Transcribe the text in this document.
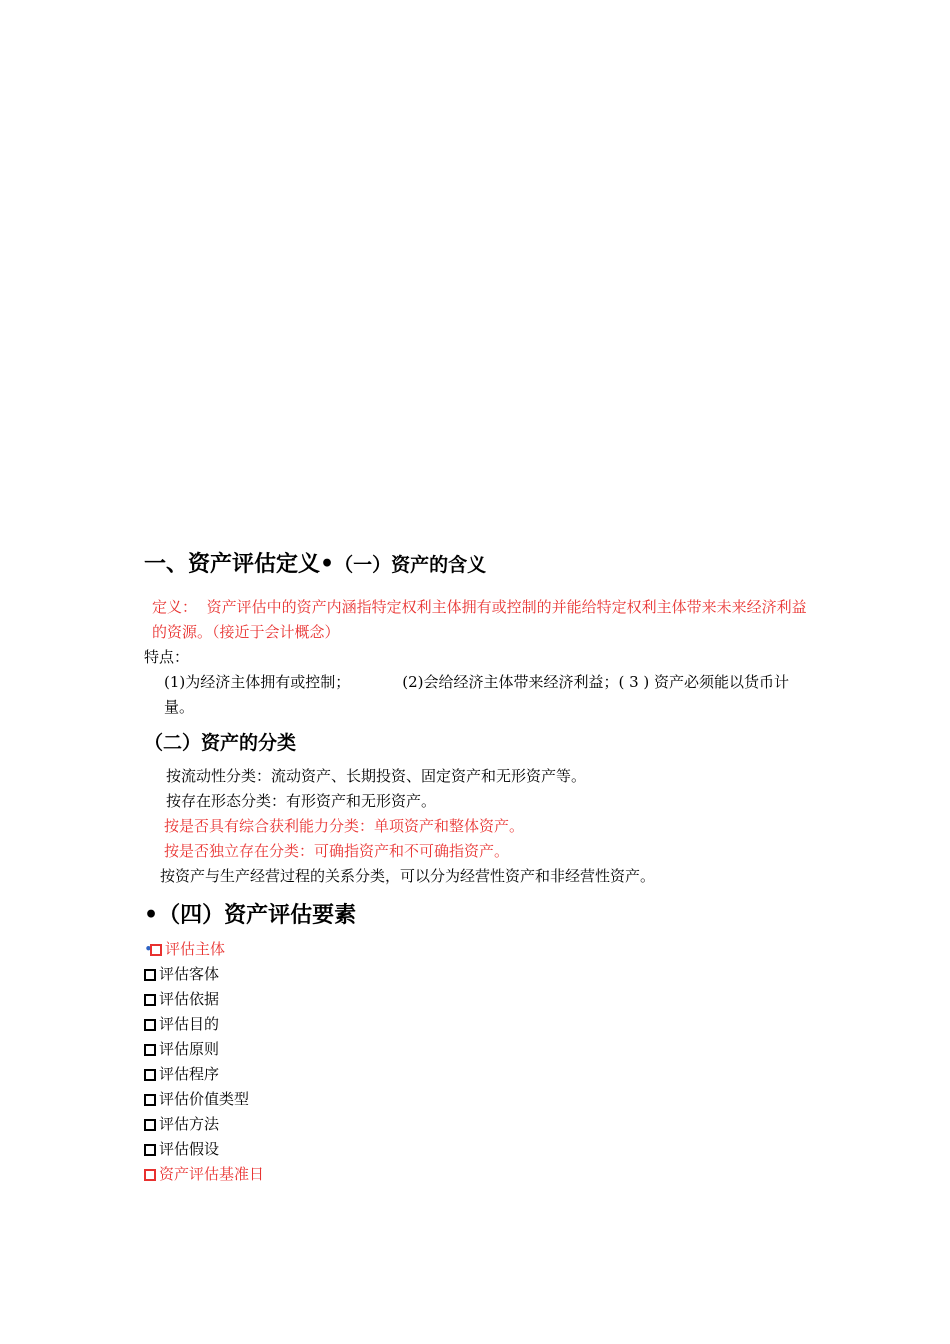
一、资产评估定义•（一）资产的含义

定义： 资产评估中的资产内涵指特定权利主体拥有或控制的并能给特定权利主体带来未来经济利益的资源。（接近于会计概念）

特点：

(1)为经济主体拥有或控制；	(2)会给经济主体带来经济利益；( 3 ) 资产必须能以货币计量。

（二）资产的分类

按流动性分类：流动资产、长期投资、固定资产和无形资产等。

按存在形态分类：有形资产和无形资产。

按是否具有综合获利能力分类：单项资产和整体资产。

按是否独立存在分类：可确指资产和不可确指资产。

按资产与生产经营过程的关系分类，可以分为经营性资产和非经营性资产。

•（四）资产评估要素
• 评估主体
评估客体
评估依据
评估目的
评估原则
评估程序
评估价值类型
评估方法
评估假设
资产评估基准日
